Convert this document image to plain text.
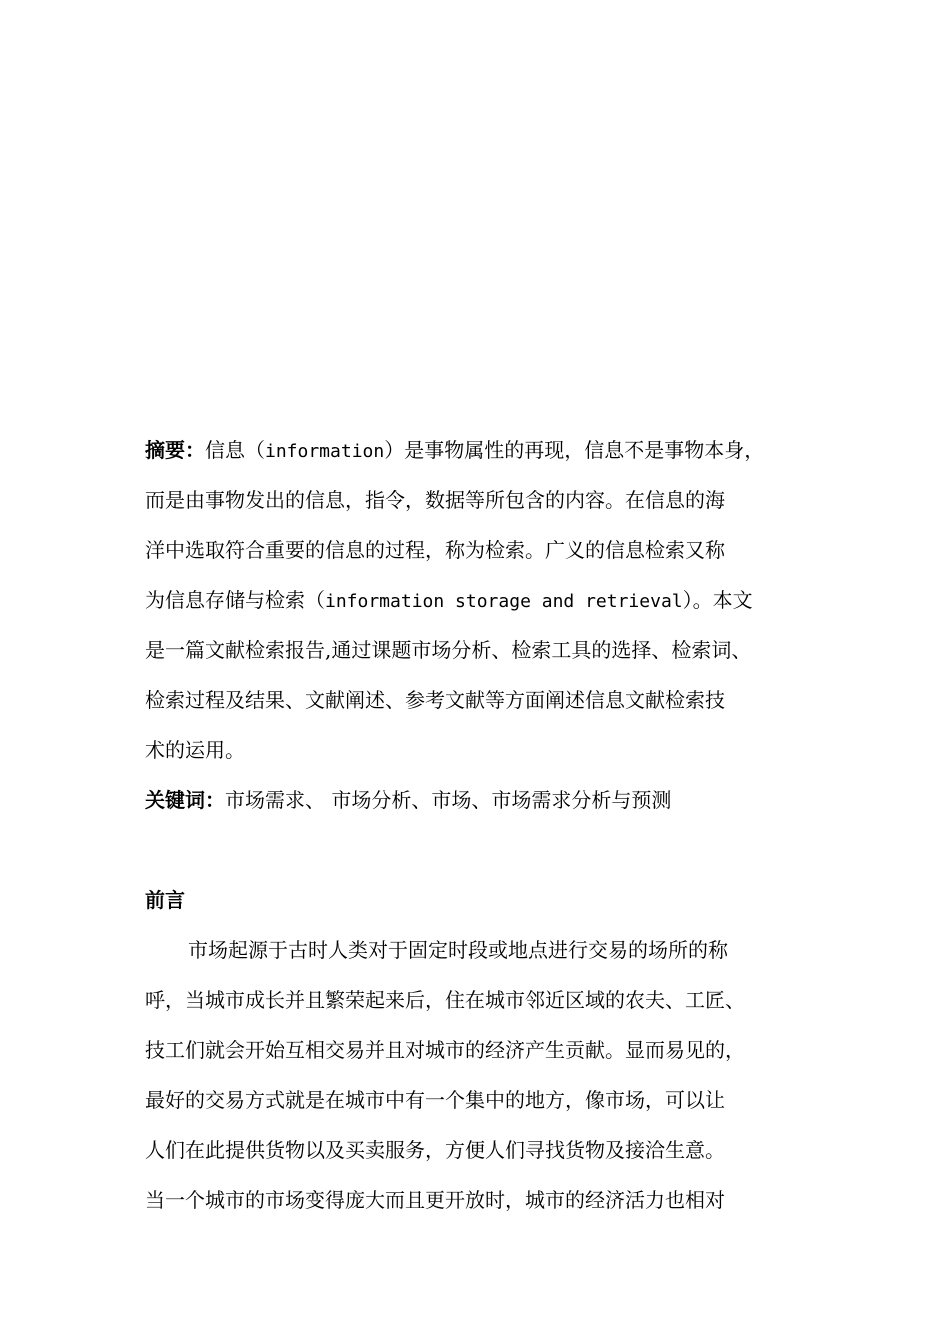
摘要：信息（information）是事物属性的再现，信息不是事物本身，
而是由事物发出的信息，指令，数据等所包含的内容。在信息的海
洋中选取符合重要的信息的过程，称为检索。广义的信息检索又称
为信息存储与检索（information storage and retrieval）。本文
是一篇文献检索报告,通过课题市场分析、检索工具的选择、检索词、
检索过程及结果、文献阐述、参考文献等方面阐述信息文献检索技
术的运用。
关键词：市场需求、 市场分析、市场、市场需求分析与预测
前言
市场起源于古时人类对于固定时段或地点进行交易的场所的称
呼，当城市成长并且繁荣起来后，住在城市邻近区域的农夫、工匠、
技工们就会开始互相交易并且对城市的经济产生贡献。显而易见的，
最好的交易方式就是在城市中有一个集中的地方，像市场，可以让
人们在此提供货物以及买卖服务，方便人们寻找货物及接洽生意。
当一个城市的市场变得庞大而且更开放时，城市的经济活力也相对
